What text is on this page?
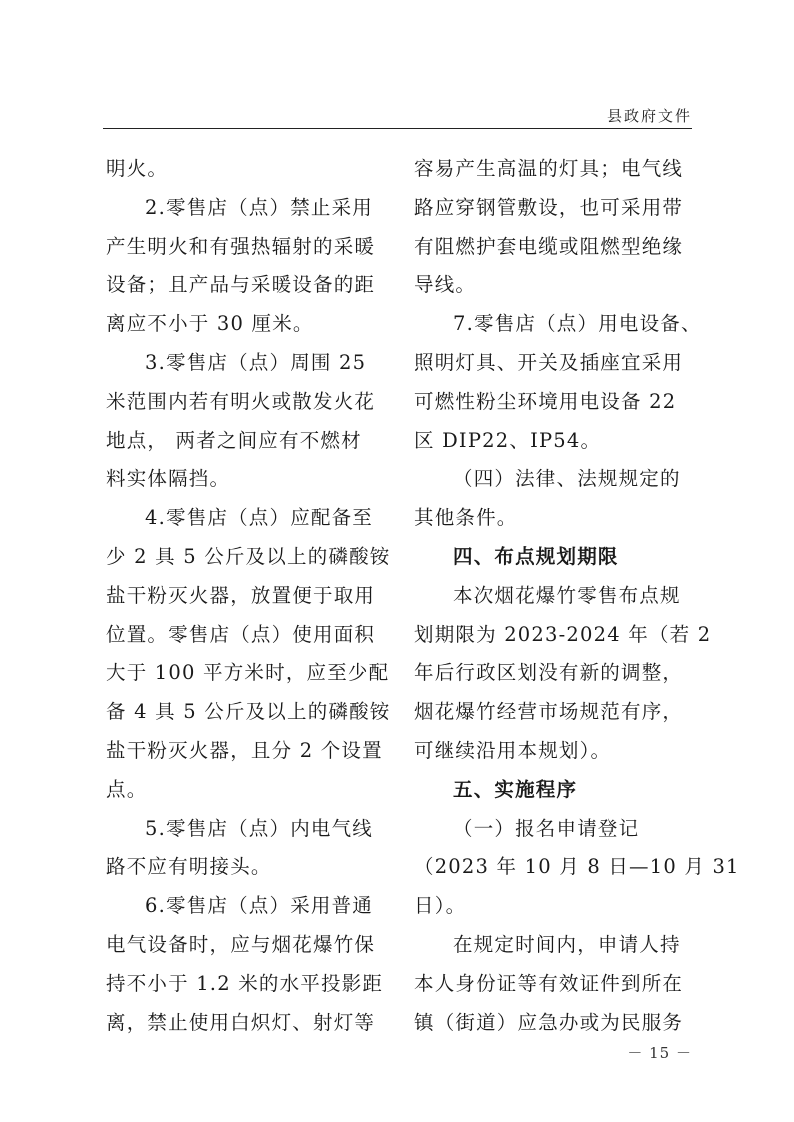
县政府文件
明火。
2.零售店（点）禁止采用
产生明火和有强热辐射的采暖
设备；且产品与采暖设备的距
离应不小于 30 厘米。
3.零售店（点）周围 25
米范围内若有明火或散发火花
地点， 两者之间应有不燃材
料实体隔挡。
4.零售店（点）应配备至
少 2 具 5 公斤及以上的磷酸铵
盐干粉灭火器，放置便于取用
位置。零售店（点）使用面积
大于 100 平方米时，应至少配
备 4 具 5 公斤及以上的磷酸铵
盐干粉灭火器，且分 2 个设置
点。
5.零售店（点）内电气线
路不应有明接头。
6.零售店（点）采用普通
电气设备时，应与烟花爆竹保
持不小于 1.2 米的水平投影距
离，禁止使用白炽灯、射灯等
容易产生高温的灯具；电气线
路应穿钢管敷设，也可采用带
有阻燃护套电缆或阻燃型绝缘
导线。
7.零售店（点）用电设备、
照明灯具、开关及插座宜采用
可燃性粉尘环境用电设备 22
区 DIP22、IP54。
（四）法律、法规规定的
其他条件。
四、布点规划期限
本次烟花爆竹零售布点规
划期限为 2023-2024 年（若 2
年后行政区划没有新的调整，
烟花爆竹经营市场规范有序，
可继续沿用本规划）。
五、实施程序
（一）报名申请登记
（2023 年 10 月 8 日—10 月 31
日）。
在规定时间内，申请人持
本人身份证等有效证件到所在
镇（街道）应急办或为民服务
－ 15 －
